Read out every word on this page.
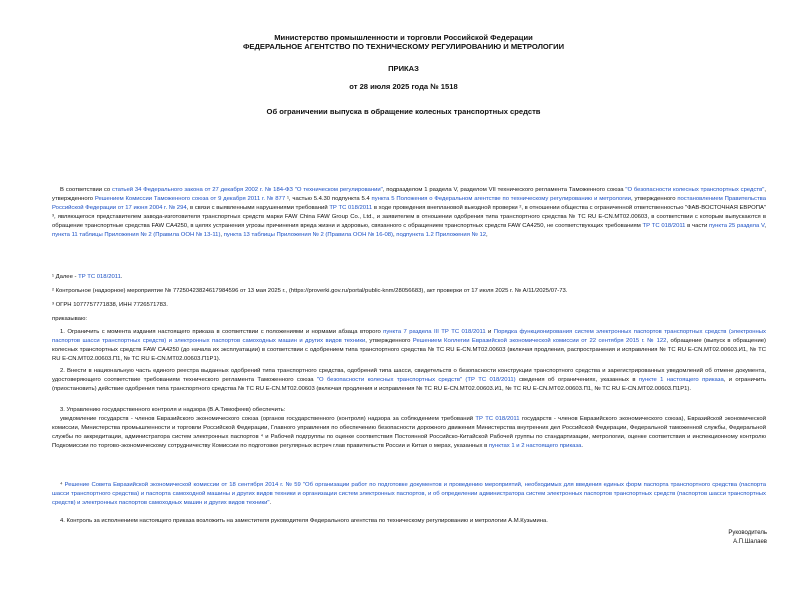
Министерство промышленности и торговли Российской Федерации
ФЕДЕРАЛЬНОЕ АГЕНТСТВО ПО ТЕХНИЧЕСКОМУ РЕГУЛИРОВАНИЮ И МЕТРОЛОГИИ
ПРИКАЗ
от 28 июля 2025 года № 1518
Об ограничении выпуска в обращение колесных транспортных средств

В соответствии со статьей 34 Федерального закона от 27 декабря 2002 г. № 184-ФЗ "О техническом регулировании", подразделом 1 раздела V, разделом VII технического регламента Таможенного союза "О безопасности колесных транспортных средств", утвержденного Решением Комиссии Таможенного союза от 9 декабря 2011 г. № 877 ¹, частью 5.4.30 подпункта 5.4 пункта 5 Положения о Федеральном агентстве по техническому регулированию и метрологии, утвержденного постановлением Правительства Российской Федерации от 17 июня 2004 г. № 294, в связи с выявленными нарушениями требований ТР ТС 018/2011 в ходе проведения внеплановой выездной проверки ², в отношении общества с ограниченной ответственностью "ФАВ-ВОСТОЧНАЯ ЕВРОПА" ³, являющегося представителем завода-изготовителя транспортных средств марки FAW China FAW Group Co., Ltd., и заявителем в отношении одобрения типа транспортного средства № ТС RU E-CN.МТ02.00603, в соответствии с которым выпускаются в обращение транспортные средства FAW CA4250, в целях устранения угрозы причинения вреда жизни и здоровью, связанного с обращением транспортных средств FAW CA4250, не соответствующих требованиям ТР ТС 018/2011 в части пункта 25 раздела V, пункта 11 таблицы Приложения № 2 (Правила ООН № 13-11), пункта 13 таблицы Приложения № 2 (Правила ООН № 16-08), подпункта 1.2 Приложения № 12,

¹ Далее - ТР ТС 018/2011.
² Контрольное (надзорное) мероприятие № 77250423824617984596 от 13 мая 2025 г., (https://proverki.gov.ru/portal/public-knm/28056683), акт проверки от 17 июля 2025 г. № А/11/2025/07-73.
³ ОГРН 1077757771838, ИНН 7726571783.
приказываю:

1. Ограничить с момента издания настоящего приказа в соответствии с положениями и нормами абзаца второго пункта 7 раздела III ТР ТС 018/2011 и Порядка функционирования систем электронных паспортов транспортных средств (электронных паспортов шасси транспортных средств) и электронных паспортов самоходных машин и других видов техники, утвержденного Решением Коллегии Евразийской экономической комиссии от 22 сентября 2015 г. № 122, обращение (выпуск в обращение) колесных транспортных средств FAW CA4250 (до начала их эксплуатации) в соответствии с одобрением типа транспортного средства № ТС RU E-CN.МТ02.00603 (включая продления, распространения и исправления № ТС RU E-CN.МТ02.00603.И1, № ТС RU E-CN.МТ02.00603.П1, № ТС RU E-CN.МТ02.00603.П1Р1).

2. Внести в национальную часть единого реестра выданных одобрений типа транспортного средства, одобрений типа шасси, свидетельств о безопасности конструкции транспортного средства и зарегистрированных уведомлений об отмене документа, удостоверяющего соответствие требованиям технического регламента Таможенного союза "О безопасности колесных транспортных средств" (ТР ТС 018/2011) сведения об ограничениях, указанных в пункте 1 настоящего приказа, и ограничить (приостановить) действие одобрения типа транспортного средства № ТС RU E-CN.МТ02.00603 (включая продления и исправления № ТС RU E-CN.МТ02.00603.И1, № ТС RU E-CN.МТ02.00603.П1, № ТС RU E-CN.МТ02.00603.П1Р1).

3. Управлению государственного контроля и надзора (В.А.Тимофеев) обеспечить:

уведомление государств - членов Евразийского экономического союза (органов государственного (контроля) надзора за соблюдением требований ТР ТС 018/2011 государств - членов Евразийского экономического союза), Евразийской экономической комиссии, Министерства промышленности и торговли Российской Федерации, Главного управления по обеспечению безопасности дорожного движения Министерства внутренних дел Российской Федерации, Федеральной таможенной службы, Федеральной службы по аккредитации, администратора систем электронных паспортов ⁴ и Рабочей подгруппы по оценке соответствия Постоянной Российско-Китайской Рабочей группы по стандартизации, метрологии, оценке соответствия и инспекционному контролю Подкомиссии по торгово-экономическому сотрудничеству Комиссии по подготовке регулярных встреч глав правительств России и Китая о мерах, указанных в пунктах 1 и 2 настоящего приказа.

⁴ Решение Совета Евразийской экономической комиссии от 18 сентября 2014 г. № 59 "Об организации работ по подготовке документов и проведению мероприятий, необходимых для введения единых форм паспорта транспортного средства (паспорта шасси транспортного средства) и паспорта самоходной машины и других видов техники и организации систем электронных паспортов, и об определении администратора систем электронных паспортов транспортных средств (паспортов шасси транспортных средств) и электронных паспортов самоходных машин и других видов техники".

4. Контроль за исполнением настоящего приказа возложить на заместителя руководителя Федерального агентства по техническому регулированию и метрологии А.М.Кузьмина.

Руководитель
А.П.Шалаев
